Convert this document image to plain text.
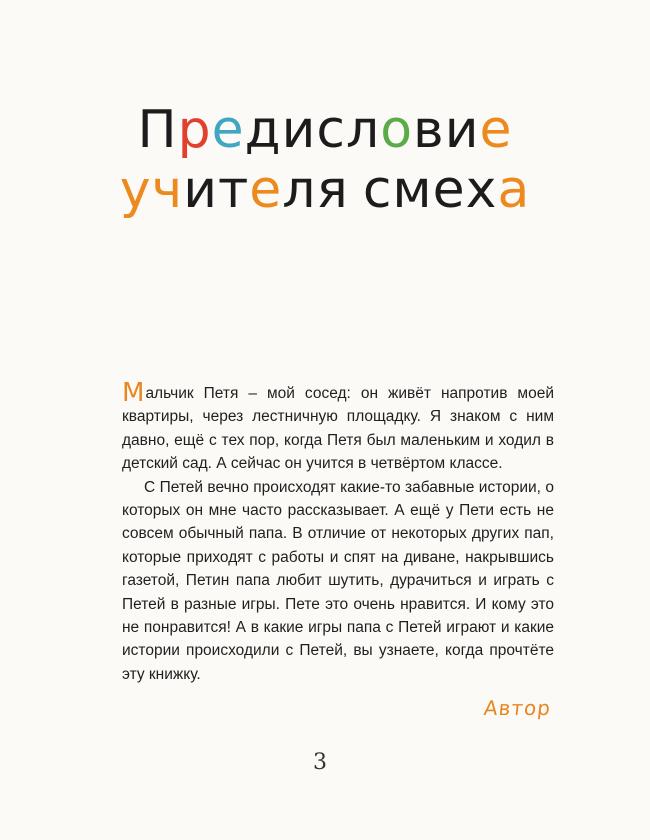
Предисловие
учителя смеха

Мальчик Петя – мой сосед: он живёт напротив моей квартиры, через лестничную площадку. Я знаком с ним давно, ещё с тех пор, когда Петя был маленьким и ходил в детский сад. А сейчас он учится в четвёртом классе.

С Петей вечно происходят какие-то забавные истории, о которых он мне часто рассказывает. А ещё у Пети есть не совсем обычный папа. В отличие от некоторых других пап, которые приходят с работы и спят на диване, накрывшись газетой, Петин папа любит шутить, дурачиться и играть с Петей в разные игры. Пете это очень нравится. И кому это не понравится! А в какие игры папа с Петей играют и какие истории происходили с Петей, вы узнаете, когда прочтёте эту книжку.

Автор
3
